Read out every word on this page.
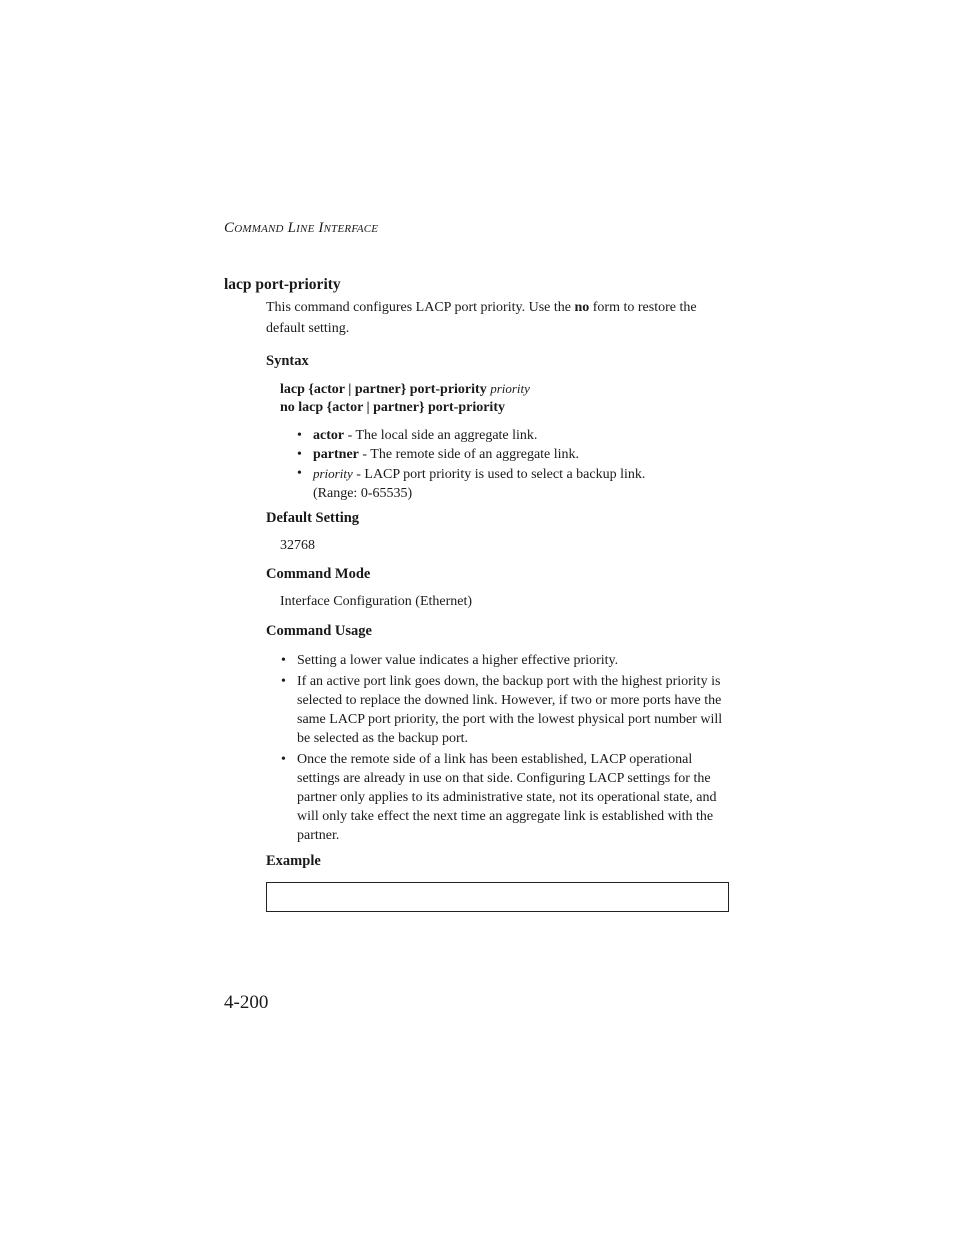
Command Line Interface
lacp port-priority
This command configures LACP port priority. Use the no form to restore the default setting.
Syntax
lacp {actor | partner} port-priority priority
no lacp {actor | partner} port-priority
• actor - The local side an aggregate link.
• partner - The remote side of an aggregate link.
• priority - LACP port priority is used to select a backup link.
(Range: 0-65535)
Default Setting
32768
Command Mode
Interface Configuration (Ethernet)
Command Usage
• Setting a lower value indicates a higher effective priority.
• If an active port link goes down, the backup port with the highest priority is selected to replace the downed link. However, if two or more ports have the same LACP port priority, the port with the lowest physical port number will be selected as the backup port.
• Once the remote side of a link has been established, LACP operational settings are already in use on that side. Configuring LACP settings for the partner only applies to its administrative state, not its operational state, and will only take effect the next time an aggregate link is established with the partner.
Example
4-200
